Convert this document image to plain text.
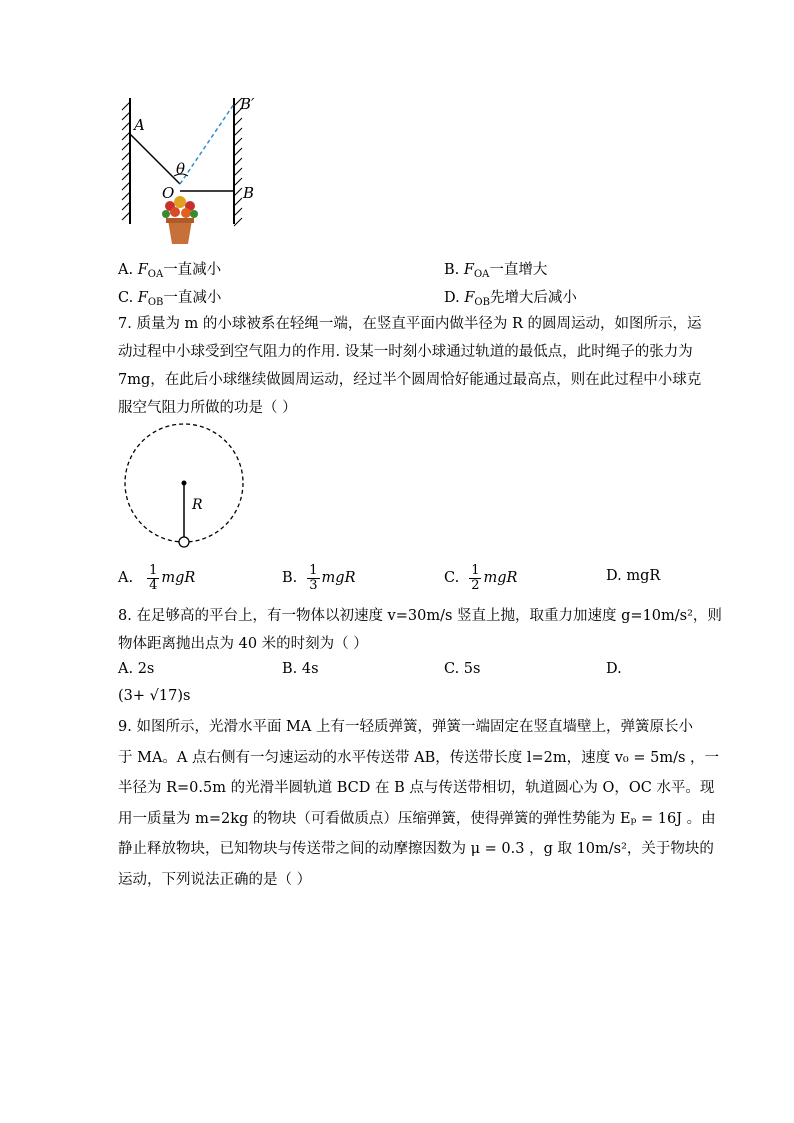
A
B′
θ
O	B
A. $F_{OA}$一直减小	B. $F_{OA}$一直增大
C. $F_{OB}$一直减小	D. $F_{OB}$先增大后减小
7. 质量为 m 的小球被系在轻绳一端，在竖直平面内做半径为 R 的圆周运动，如图所示，运
动过程中小球受到空气阻力的作用. 设某一时刻小球通过轨道的最低点，此时绳子的张力为
7mg，在此后小球继续做圆周运动，经过半个圆周恰好能通过最高点，则在此过程中小球克
服空气阻力所做的功是（ ）
R
A. $\frac{1}{4}$ mgR	B. $\frac{1}{3}$ mgR	C. $\frac{1}{2}$ mgR	D. mgR
8. 在足够高的平台上，有一物体以初速度 v=30m/s 竖直上抛，取重力加速度 g=10m/s²，则
物体距离抛出点为 40 米的时刻为（ ）
A. 2s	B. 4s	C. 5s	D.
(3+ √17)s
9. 如图所示，光滑水平面 MA 上有一轻质弹簧，弹簧一端固定在竖直墙壁上，弹簧原长小
于 MA。A 点右侧有一匀速运动的水平传送带 AB，传送带长度 l=2m，速度 v₀ = 5m/s ，一
半径为 R=0.5m 的光滑半圆轨道 BCD 在 B 点与传送带相切，轨道圆心为 O，OC 水平。现
用一质量为 m=2kg 的物块（可看做质点）压缩弹簧，使得弹簧的弹性势能为 Eₚ = 16J 。由
静止释放物块，已知物块与传送带之间的动摩擦因数为 μ = 0.3 ，g 取 10m/s²，关于物块的
运动，下列说法正确的是（ ）
